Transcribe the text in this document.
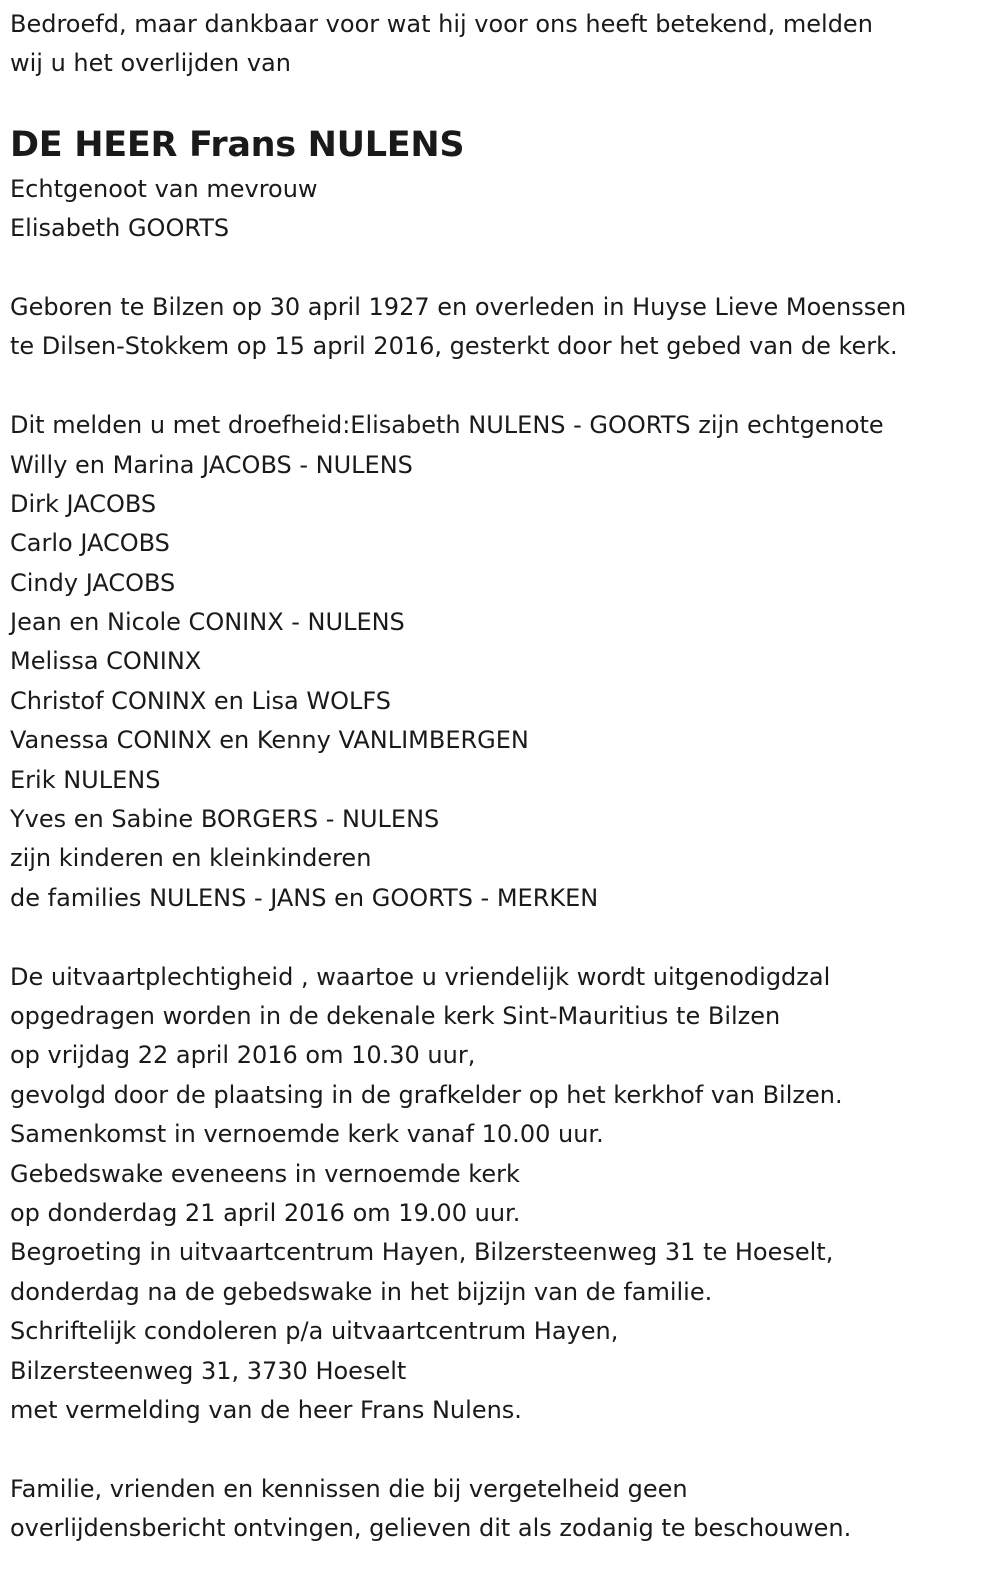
Bedroefd, maar dankbaar voor wat hij voor ons heeft betekend, melden
wij u het overlijden van
DE HEER Frans NULENS
Echtgenoot van mevrouw
Elisabeth GOORTS
Geboren te Bilzen op 30 april 1927 en overleden in Huyse Lieve Moenssen
te Dilsen-Stokkem op 15 april 2016, gesterkt door het gebed van de kerk.
Dit melden u met droefheid:Elisabeth NULENS - GOORTS zijn echtgenote
Willy en Marina JACOBS - NULENS
Dirk JACOBS
Carlo JACOBS
Cindy JACOBS
Jean en Nicole CONINX - NULENS
Melissa CONINX
Christof CONINX en Lisa WOLFS
Vanessa CONINX en Kenny VANLIMBERGEN
Erik NULENS
Yves en Sabine BORGERS - NULENS
zijn kinderen en kleinkinderen
de families NULENS - JANS en GOORTS - MERKEN
De uitvaartplechtigheid , waartoe u vriendelijk wordt uitgenodigdzal
opgedragen worden in de dekenale kerk Sint-Mauritius te Bilzen
op vrijdag 22 april 2016 om 10.30 uur,
gevolgd door de plaatsing in de grafkelder op het kerkhof van Bilzen.
Samenkomst in vernoemde kerk vanaf 10.00 uur.
Gebedswake eveneens in vernoemde kerk
op donderdag 21 april 2016 om 19.00 uur.
Begroeting in uitvaartcentrum Hayen, Bilzersteenweg 31 te Hoeselt,
donderdag na de gebedswake in het bijzijn van de familie.
Schriftelijk condoleren p/a uitvaartcentrum Hayen,
Bilzersteenweg 31, 3730 Hoeselt
met vermelding van de heer Frans Nulens.
Familie, vrienden en kennissen die bij vergetelheid geen
overlijdensbericht ontvingen, gelieven dit als zodanig te beschouwen.
